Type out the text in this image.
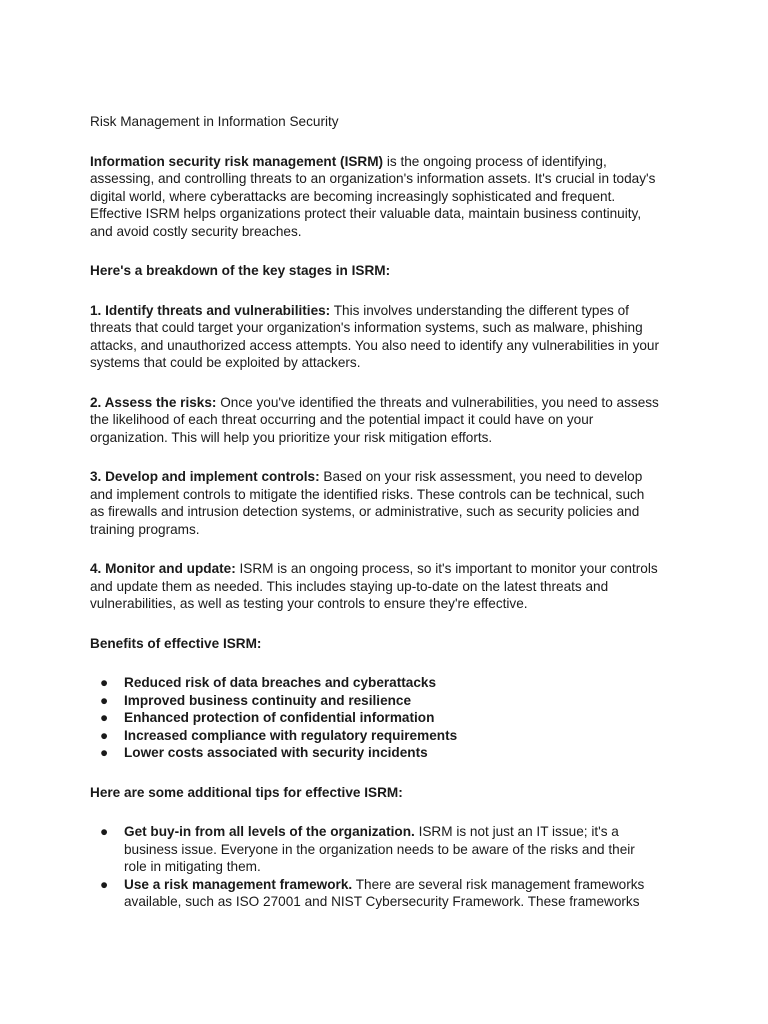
Risk Management in Information Security

Information security risk management (ISRM) is the ongoing process of identifying, assessing, and controlling threats to an organization's information assets. It's crucial in today's digital world, where cyberattacks are becoming increasingly sophisticated and frequent. Effective ISRM helps organizations protect their valuable data, maintain business continuity, and avoid costly security breaches.

Here's a breakdown of the key stages in ISRM:

1. Identify threats and vulnerabilities: This involves understanding the different types of threats that could target your organization's information systems, such as malware, phishing attacks, and unauthorized access attempts. You also need to identify any vulnerabilities in your systems that could be exploited by attackers.

2. Assess the risks: Once you've identified the threats and vulnerabilities, you need to assess the likelihood of each threat occurring and the potential impact it could have on your organization. This will help you prioritize your risk mitigation efforts.

3. Develop and implement controls: Based on your risk assessment, you need to develop and implement controls to mitigate the identified risks. These controls can be technical, such as firewalls and intrusion detection systems, or administrative, such as security policies and training programs.

4. Monitor and update: ISRM is an ongoing process, so it's important to monitor your controls and update them as needed. This includes staying up-to-date on the latest threats and vulnerabilities, as well as testing your controls to ensure they're effective.

Benefits of effective ISRM:
● Reduced risk of data breaches and cyberattacks
● Improved business continuity and resilience
● Enhanced protection of confidential information
● Increased compliance with regulatory requirements
● Lower costs associated with security incidents
Here are some additional tips for effective ISRM:
● Get buy-in from all levels of the organization. ISRM is not just an IT issue; it's a business issue. Everyone in the organization needs to be aware of the risks and their role in mitigating them.
● Use a risk management framework. There are several risk management frameworks available, such as ISO 27001 and NIST Cybersecurity Framework. These frameworks
